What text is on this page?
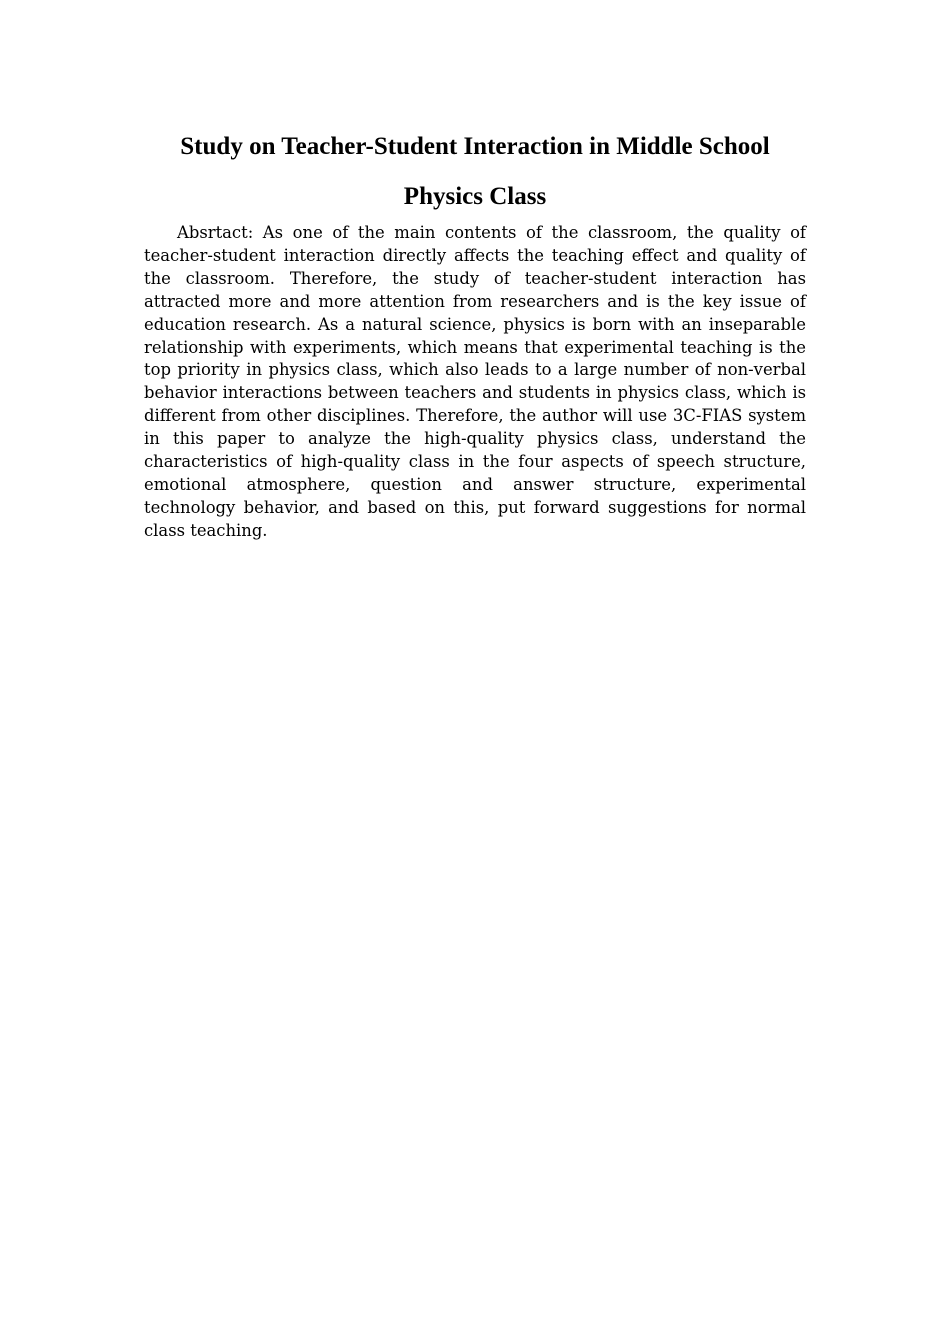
Study on Teacher-Student Interaction in Middle School
Physics Class

Absrtact: As one of the main contents of the classroom, the quality of teacher-student interaction directly affects the teaching effect and quality of the classroom. Therefore, the study of teacher-student interaction has attracted more and more attention from researchers and is the key issue of education research. As a natural science, physics is born with an inseparable relationship with experiments, which means that experimental teaching is the top priority in physics class, which also leads to a large number of non-verbal behavior interactions between teachers and students in physics class, which is different from other disciplines. Therefore, the author will use 3C-FIAS system in this paper to analyze the high-quality physics class, understand the characteristics of high-quality class in the four aspects of speech structure, emotional atmosphere, question and answer structure, experimental technology behavior, and based on this, put forward suggestions for normal class teaching.
